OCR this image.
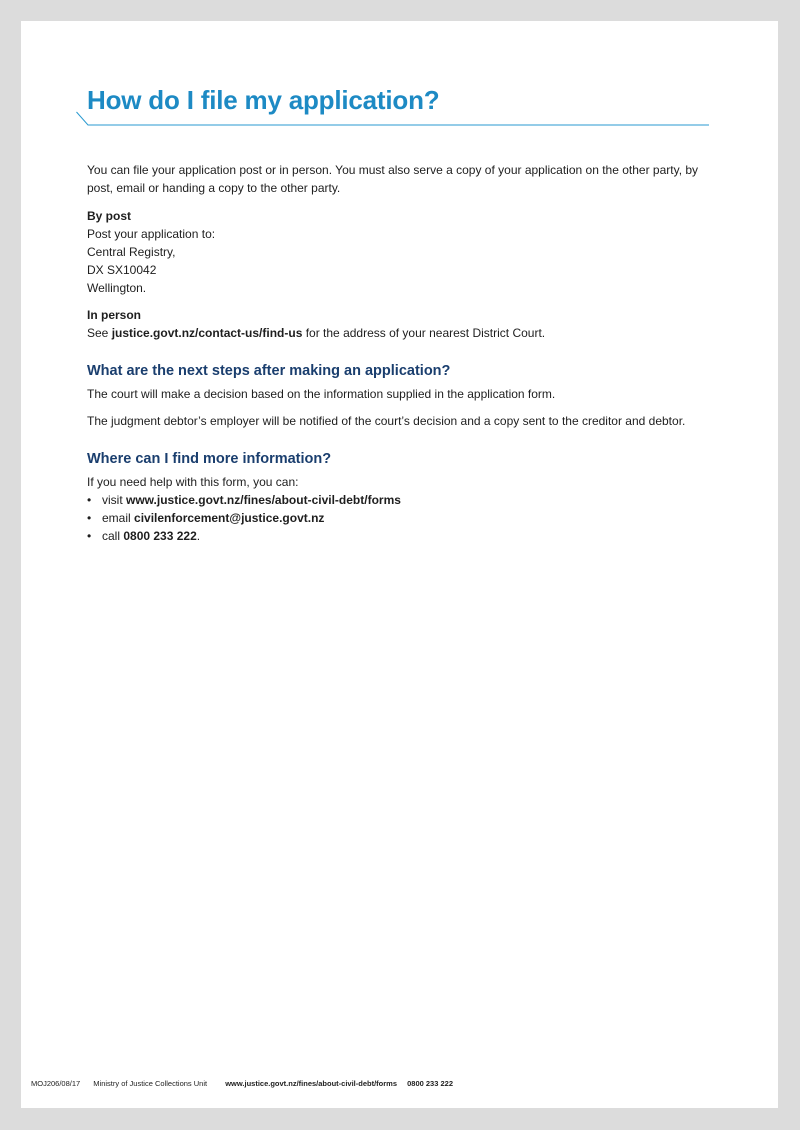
How do I file my application?

You can file your application post or in person. You must also serve a copy of your application on the other party, by post, email or handing a copy to the other party.

By post

Post your application to:

Central Registry,

DX SX10042

Wellington.

In person

See justice.govt.nz/contact-us/find-us for the address of your nearest District Court.

What are the next steps after making an application?

The court will make a decision based on the information supplied in the application form.

The judgment debtor’s employer will be notified of the court’s decision and a copy sent to the creditor and debtor.

Where can I find more information?

If you need help with this form, you can:

• visit www.justice.govt.nz/fines/about-civil-debt/forms
• email civilenforcement@justice.govt.nz
• call 0800 233 222.
MOJ206/08/17 Ministry of Justice Collections Unit www.justice.govt.nz/fines/about-civil-debt/forms 0800 233 222
